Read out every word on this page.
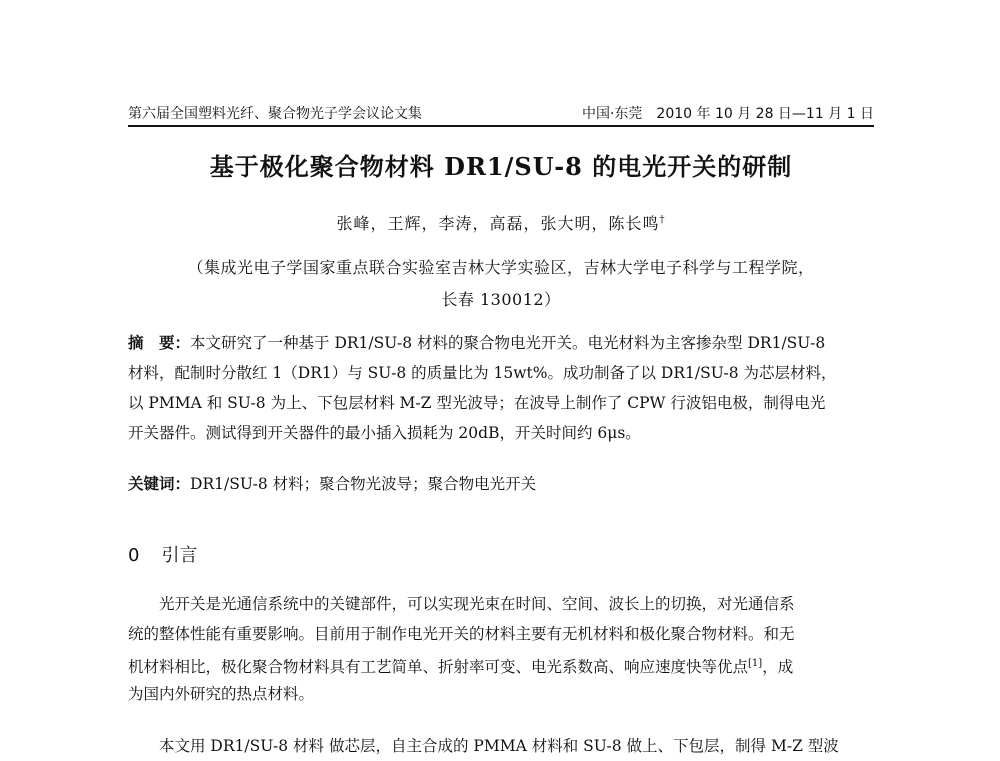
第六届全国塑料光纤、聚合物光子学会议论文集	中国·东莞　2010 年 10 月 28 日—11 月 1 日
基于极化聚合物材料 DR1/SU-8 的电光开关的研制
张峰，王辉，李涛，高磊，张大明，陈长鸣†
（集成光电子学国家重点联合实验室吉林大学实验区，吉林大学电子科学与工程学院，
长春 130012）
摘　要：本文研究了一种基于 DR1/SU-8 材料的聚合物电光开关。电光材料为主客掺杂型 DR1/SU-8
材料，配制时分散红 1（DR1）与 SU-8 的质量比为 15wt%。成功制备了以 DR1/SU-8 为芯层材料，
以 PMMA 和 SU-8 为上、下包层材料 M-Z 型光波导；在波导上制作了 CPW 行波铝电极，制得电光
开关器件。测试得到开关器件的最小插入损耗为 20dB，开关时间约 6μs。
关键词：DR1/SU-8 材料；聚合物光波导；聚合物电光开关
0 引言
光开关是光通信系统中的关键部件，可以实现光束在时间、空间、波长上的切换，对光通信系
统的整体性能有重要影响。目前用于制作电光开关的材料主要有无机材料和极化聚合物材料。和无
机材料相比，极化聚合物材料具有工艺简单、折射率可变、电光系数高、响应速度快等优点[1]，成
为国内外研究的热点材料。
本文用 DR1/SU-8 材料 做芯层，自主合成的 PMMA 材料和 SU-8 做上、下包层，制得 M-Z 型波
